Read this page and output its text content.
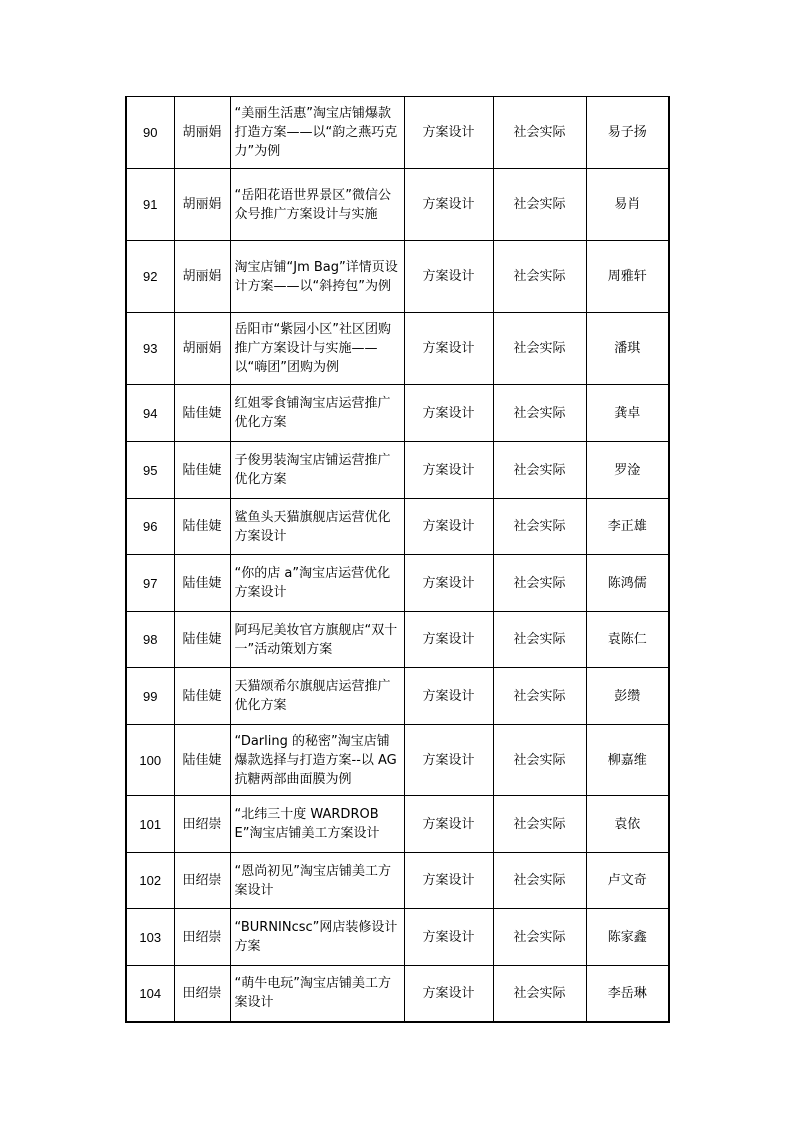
90	胡丽娟	“美丽生活惠”淘宝店铺爆款打造方案——以“韵之燕巧克力”为例	方案设计	社会实际	易子扬
91	胡丽娟	“岳阳花语世界景区”微信公众号推广方案设计与实施	方案设计	社会实际	易肖
92	胡丽娟	淘宝店铺“Jm Bag”详情页设计方案——以“斜挎包”为例	方案设计	社会实际	周雅轩
93	胡丽娟	岳阳市“紫园小区”社区团购推广方案设计与实施——以“嗨团”团购为例	方案设计	社会实际	潘琪
94	陆佳婕	红姐零食铺淘宝店运营推广优化方案	方案设计	社会实际	龚卓
95	陆佳婕	子俊男装淘宝店铺运营推广优化方案	方案设计	社会实际	罗淦
96	陆佳婕	鲨鱼头天猫旗舰店运营优化方案设计	方案设计	社会实际	李正雄
97	陆佳婕	“你的店 a”淘宝店运营优化方案设计	方案设计	社会实际	陈鸿儒
98	陆佳婕	阿玛尼美妆官方旗舰店“双十一”活动策划方案	方案设计	社会实际	袁陈仁
99	陆佳婕	天猫颂希尔旗舰店运营推广优化方案	方案设计	社会实际	彭缵
100	陆佳婕	“Darling 的秘密”淘宝店铺爆款选择与打造方案--以 AG 抗糖两部曲面膜为例	方案设计	社会实际	柳嘉维
101	田绍崇	“北纬三十度 WARDROBE”淘宝店铺美工方案设计	方案设计	社会实际	袁依
102	田绍崇	“恩尚初见”淘宝店铺美工方案设计	方案设计	社会实际	卢文奇
103	田绍崇	“BURNINcsc”网店装修设计方案	方案设计	社会实际	陈家鑫
104	田绍崇	“萌牛电玩”淘宝店铺美工方案设计	方案设计	社会实际	李岳琳
